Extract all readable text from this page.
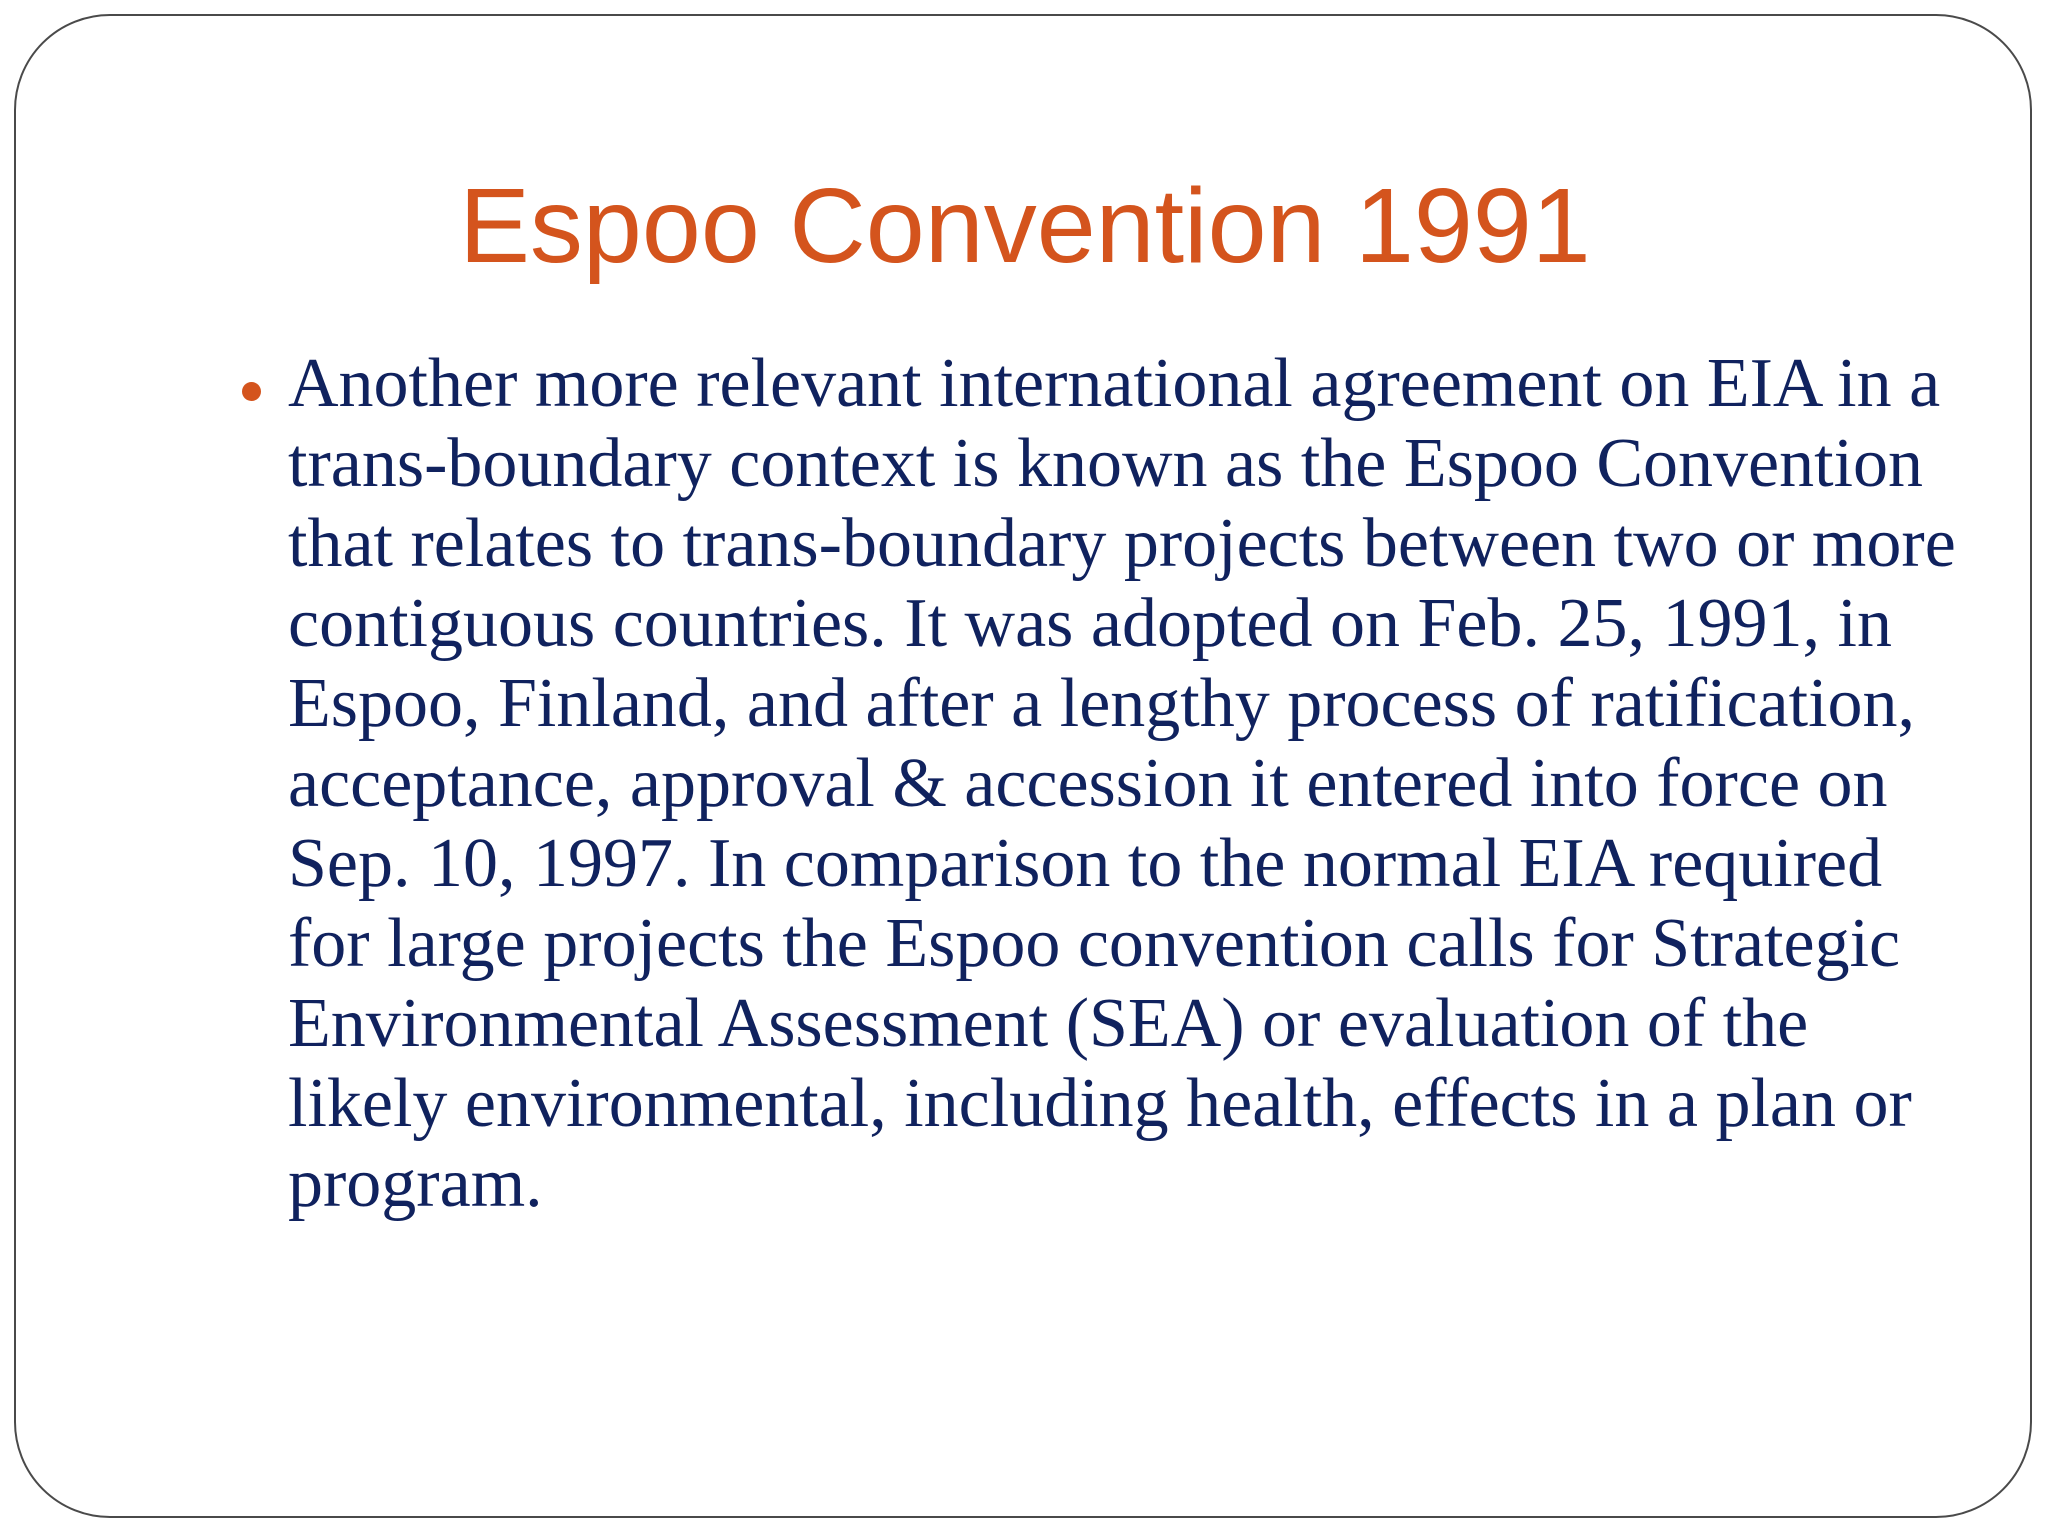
Espoo Convention 1991
Another more relevant international agreement on EIA in a trans-boundary context is known as the Espoo Convention that relates to trans-boundary projects between two or more contiguous countries. It was adopted on Feb. 25, 1991, in Espoo, Finland, and after a lengthy process of ratification, acceptance, approval & accession it entered into force on Sep. 10, 1997. In comparison to the normal EIA required for large projects the Espoo convention calls for Strategic Environmental Assessment (SEA) or evaluation of the likely environmental, including health, effects in a plan or program.
